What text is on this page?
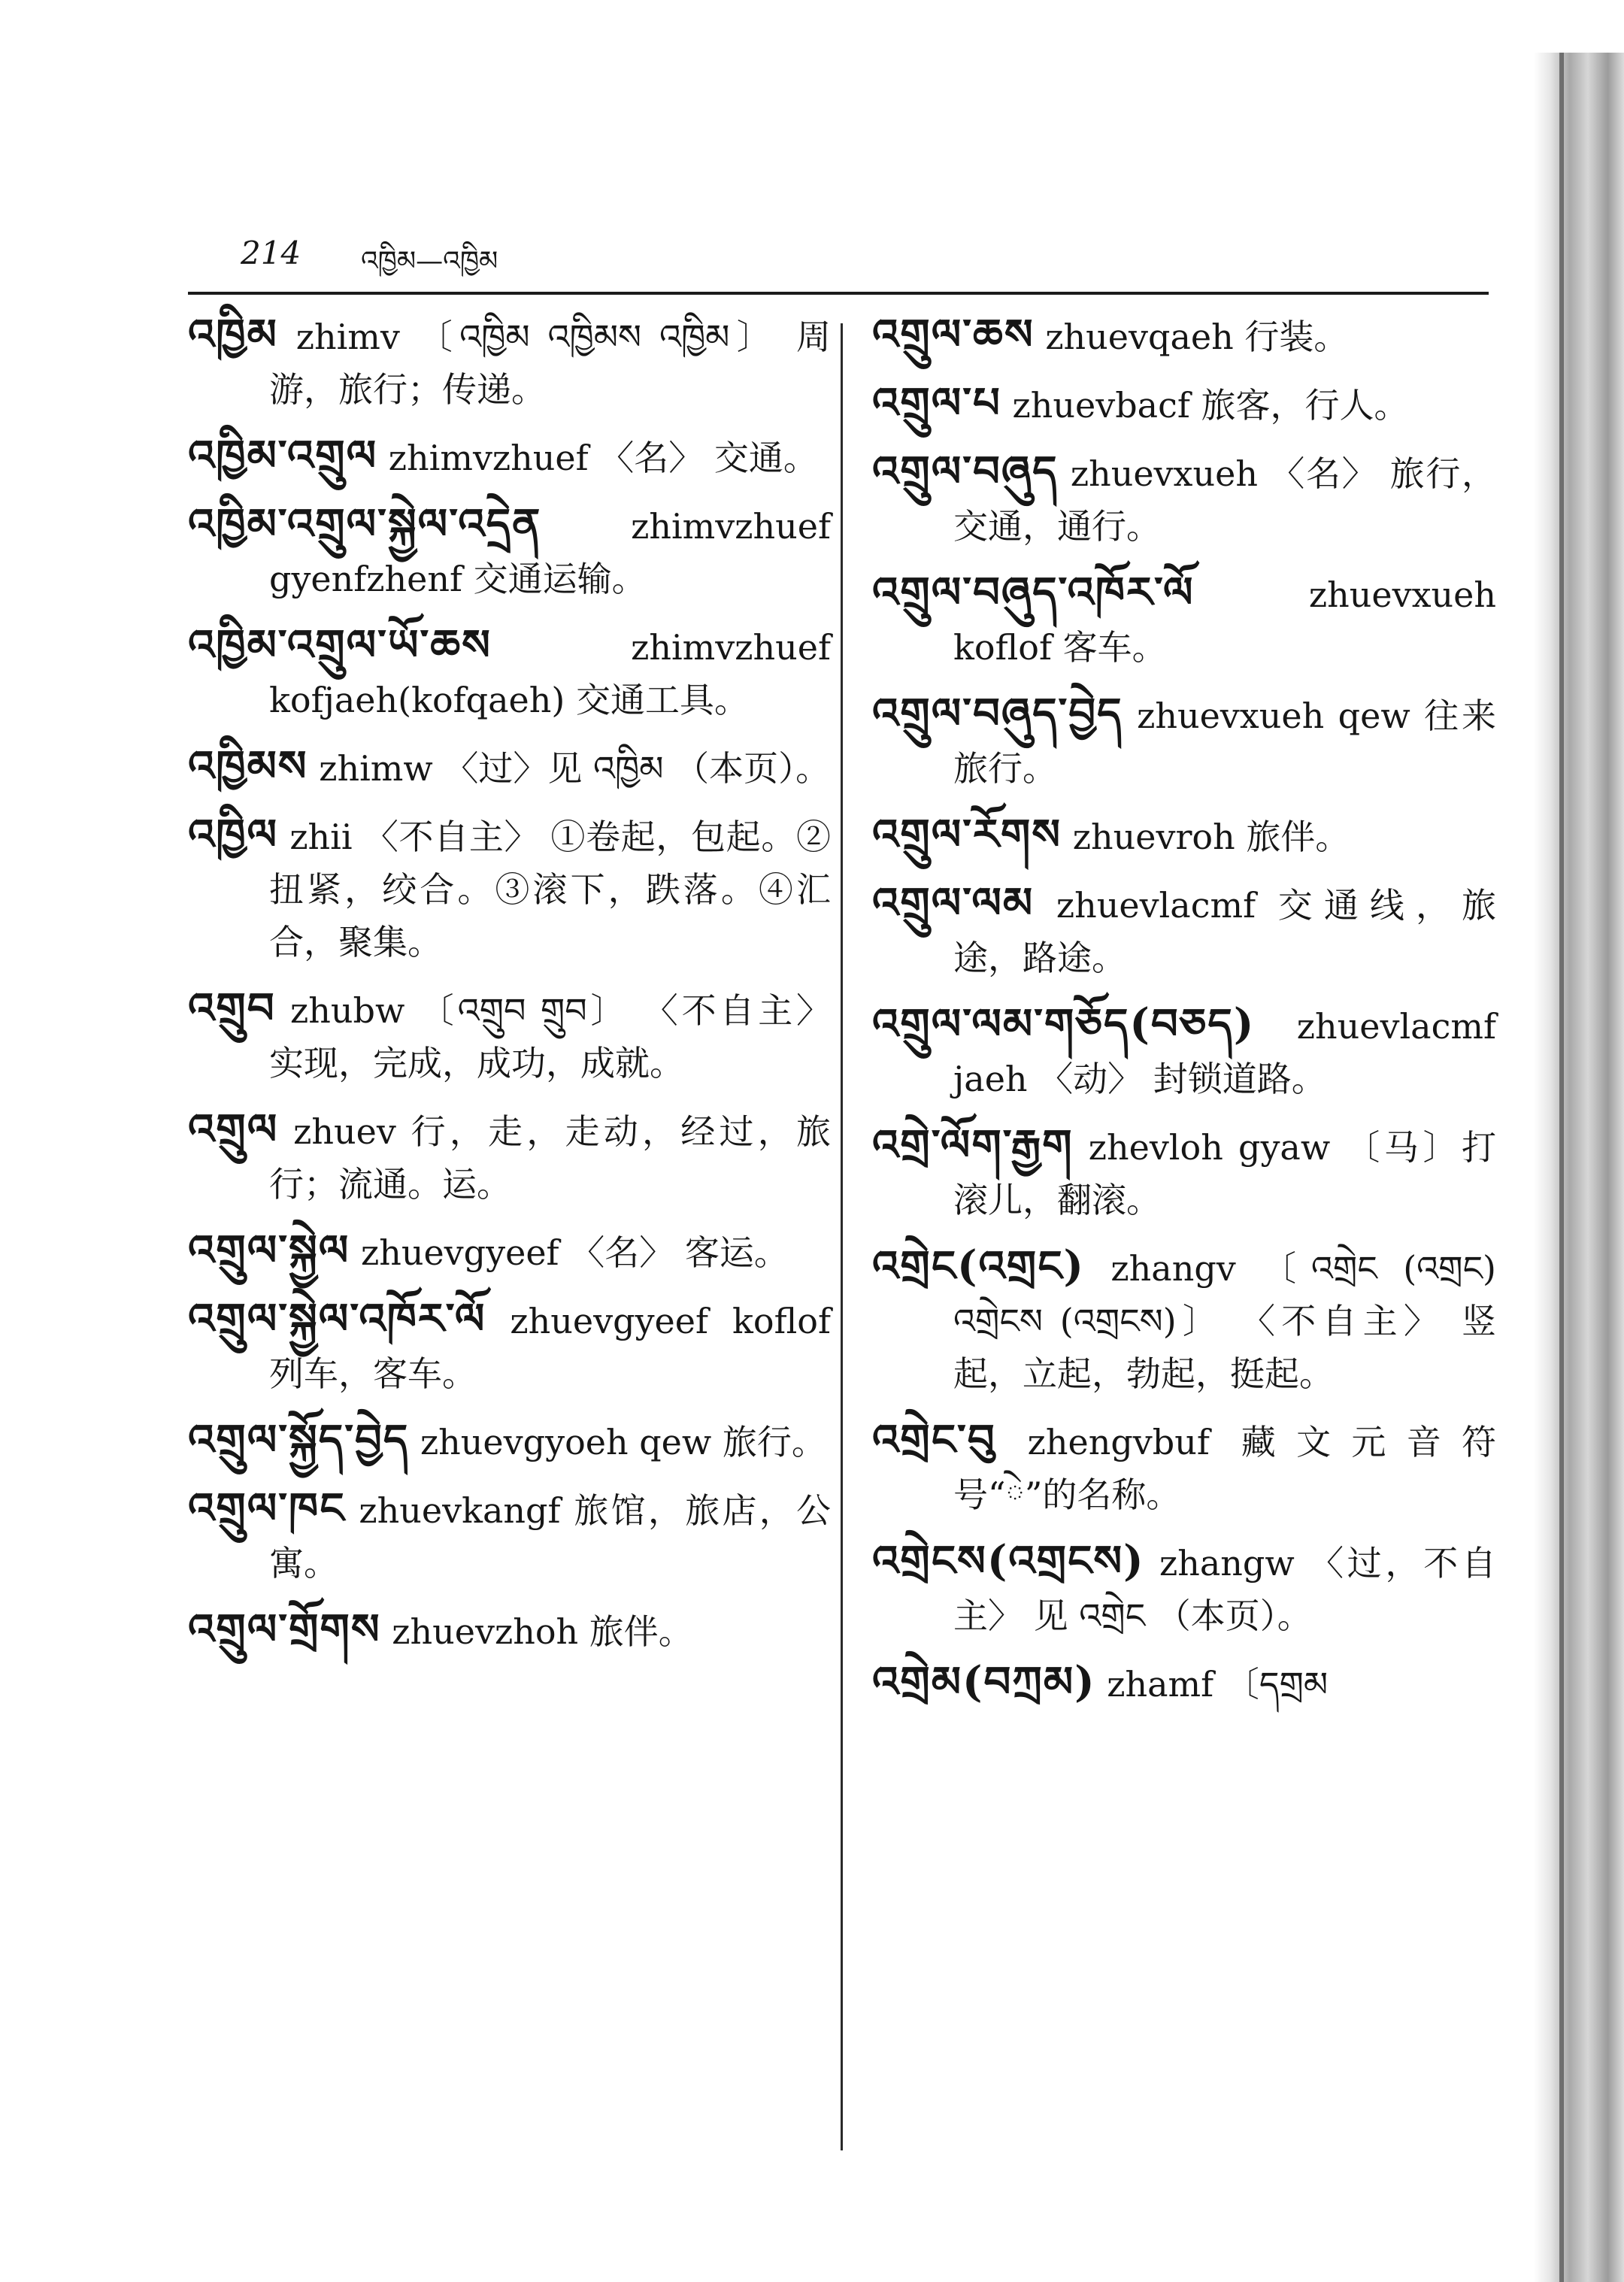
214 འཁྱིམ—འཁྱིམ

འཁྱིམ zhimv 〔འཁྱིམ འཁྱིམས འཁྱིམ〕 周游，旅行；传递。

འཁྱིམ་འགྲུལ zhimvzhuef 〈名〉 交通。

འཁྱིམ་འགྲུལ་སྐྱེལ་འདྲེན	zhimvzhuef gyenfzhenf 交通运输。

འཁྱིམ་འགྲུལ་ཡོ་ཆས	zhimvzhuef kofjaeh(kofqaeh) 交通工具。

འཁྱིམས zhimw 〈过〉见 འཁྱིམ （本页）。

འཁྱིལ zhii 〈不自主〉 ①卷起，包起。②扭紧，绞合。③滚下，跌落。④汇合，聚集。

འགྲུབ zhubw 〔འགྲུབ གྲུབ〕 〈不自主〉 实现，完成，成功，成就。

འགྲུལ zhuev 行，走，走动，经过，旅行；流通。运。

འགྲུལ་སྐྱེལ zhuevgyeef 〈名〉 客运。

འགྲུལ་སྐྱེལ་འཁོར་ལོ zhuevgyeef koflof 列车，客车。

འགྲུལ་སྐྱོད་བྱེད zhuevgyoeh qew 旅行。

འགྲུལ་ཁང zhuevkangf 旅馆，旅店，公寓。

འགྲུལ་གྲོགས zhuevzhoh 旅伴。

འགྲུལ་ཆས zhuevqaeh 行装。

འགྲུལ་པ zhuevbacf 旅客，行人。

འགྲུལ་བཞུད zhuevxueh 〈名〉 旅行，交通，通行。

འགྲུལ་བཞུད་འཁོར་ལོ	zhuevxueh koflof 客车。

འགྲུལ་བཞུད་བྱེད zhuevxueh qew 往来旅行。

འགྲུལ་རོགས zhuevroh 旅伴。

འགྲུལ་ལམ zhuevlacmf 交通线，旅途，路途。

འགྲུལ་ལམ་གཅོད(བཅད) zhuevlacmf jaeh 〈动〉 封锁道路。

འགྲེ་ལོག་རྒྱག zhevloh gyaw 〔马〕打滚儿，翻滚。

འགྲེང(འགྲང) zhangv 〔འགྲེང (འགྲང) འགྲེངས (འགྲངས)〕 〈不自主〉 竖起，立起，勃起，挺起。

འགྲེང་བུ zhengvbuf 藏文元音符号“ེ”的名称。

འགྲེངས(འགྲངས) zhangw 〈过，不自主〉 见 འགྲེང （本页）。

འགྲེམ(བཀྲམ) zhamf 〔དགྲམ
